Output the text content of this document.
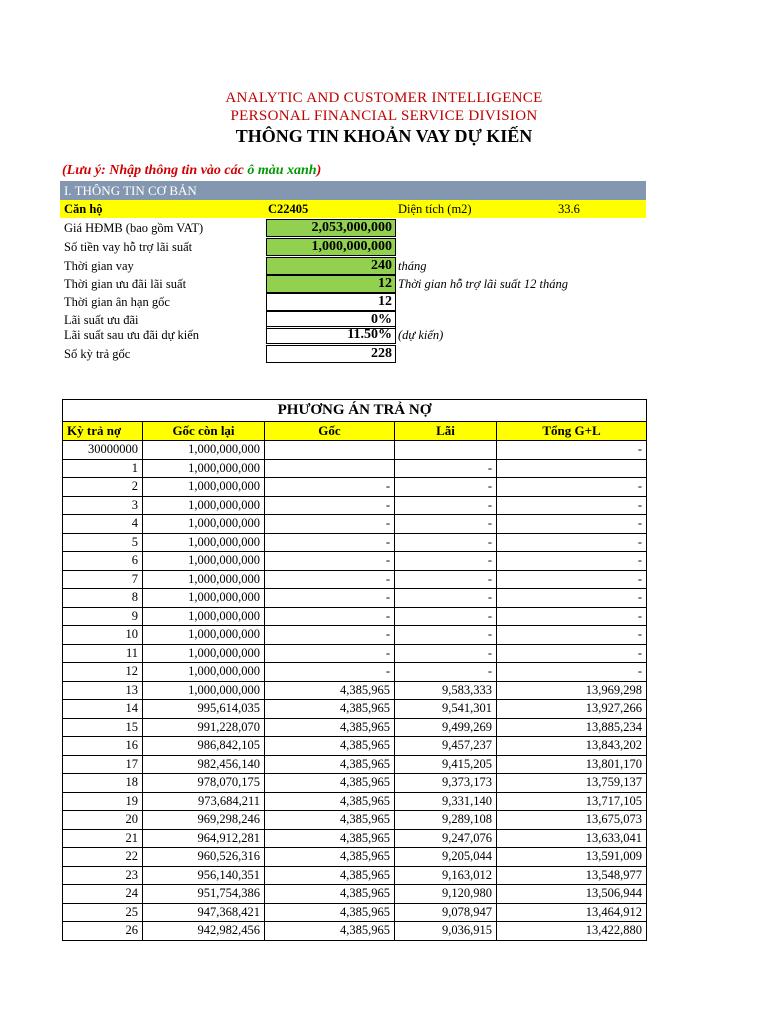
ANALYTIC AND CUSTOMER INTELLIGENCE
PERSONAL FINANCIAL SERVICE DIVISION
THÔNG TIN KHOẢN VAY DỰ KIẾN
(Lưu ý: Nhập thông tin vào các ô màu xanh)
I. THÔNG TIN CƠ BẢN
Căn hộ	C22405	Diện tích (m2)	33.6
Giá HĐMB (bao gồm VAT)	2,053,000,000
Số tiền vay hỗ trợ lãi suất	1,000,000,000
Thời gian vay	240 tháng
Thời gian ưu đãi lãi suất	12 Thời gian hỗ trợ lãi suất 12 tháng
Thời gian ân hạn gốc	12
Lãi suất ưu đãi	0%
Lãi suất sau ưu đãi dự kiến	11.50% (dự kiến)
Số kỳ trả gốc	228
PHƯƠNG ÁN TRẢ NỢ				
Kỳ trả nợ	Gốc còn lại	Gốc	Lãi	Tổng G+L
30000000	1,000,000,000			-
1	1,000,000,000		-	
2	1,000,000,000	-	-	-
3	1,000,000,000	-	-	-
4	1,000,000,000	-	-	-
5	1,000,000,000	-	-	-
6	1,000,000,000	-	-	-
7	1,000,000,000	-	-	-
8	1,000,000,000	-	-	-
9	1,000,000,000	-	-	-
10	1,000,000,000	-	-	-
11	1,000,000,000	-	-	-
12	1,000,000,000	-	-	-
13	1,000,000,000	4,385,965	9,583,333	13,969,298
14	995,614,035	4,385,965	9,541,301	13,927,266
15	991,228,070	4,385,965	9,499,269	13,885,234
16	986,842,105	4,385,965	9,457,237	13,843,202
17	982,456,140	4,385,965	9,415,205	13,801,170
18	978,070,175	4,385,965	9,373,173	13,759,137
19	973,684,211	4,385,965	9,331,140	13,717,105
20	969,298,246	4,385,965	9,289,108	13,675,073
21	964,912,281	4,385,965	9,247,076	13,633,041
22	960,526,316	4,385,965	9,205,044	13,591,009
23	956,140,351	4,385,965	9,163,012	13,548,977
24	951,754,386	4,385,965	9,120,980	13,506,944
25	947,368,421	4,385,965	9,078,947	13,464,912
26	942,982,456	4,385,965	9,036,915	13,422,880
